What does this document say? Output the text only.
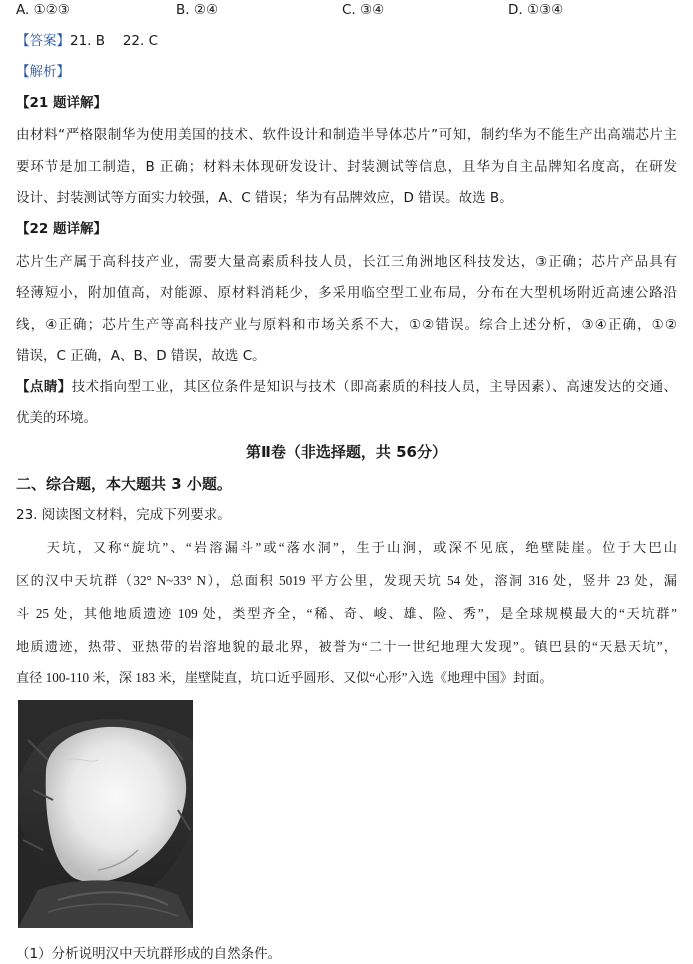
A. ①②③	B. ②④	C. ③④	D. ①③④
【答案】21. B　 22. C
【解析】
【21 题详解】
由材料“严格限制华为使用美国的技术、软件设计和制造半导体芯片”可知，制约华为不能生产出高端芯片主
要环节是加工制造，B 正确；材料未体现研发设计、封装测试等信息，且华为自主品牌知名度高，在研发
设计、封装测试等方面实力较强，A、C 错误；华为有品牌效应，D 错误。故选 B。
【22 题详解】
芯片生产属于高科技产业，需要大量高素质科技人员，长江三角洲地区科技发达，③正确；芯片产品具有
轻薄短小，附加值高，对能源、原材料消耗少，多采用临空型工业布局，分布在大型机场附近高速公路沿
线，④正确；芯片生产等高科技产业与原料和市场关系不大，①②错误。综合上述分析，③④正确，①②
错误，C 正确，A、B、D 错误，故选 C。
【点睛】技术指向型工业，其区位条件是知识与技术（即高素质的科技人员，主导因素）、高速发达的交通、
优美的环境。
第Ⅱ卷（非选择题，共 56分）
二、综合题，本大题共 3 小题。
23. 阅读图文材料，完成下列要求。
　　天坑，又称“旋坑”、“岩溶漏斗”或“落水洞”，生于山涧，或深不见底，绝壁陡崖。位于大巴山
区的汉中天坑群（32° N~33° N），总面积 5019 平方公里，发现天坑 54 处，溶洞 316 处，竖井 23 处，漏
斗 25 处，其他地质遗迹 109 处，类型齐全，“稀、奇、峻、雄、险、秀”，是全球规模最大的“天坑群”
地质遗迹，热带、亚热带的岩溶地貌的最北界，被誉为“二十一世纪地理大发现”。镇巴县的“天悬天坑”，
直径 100-110 米，深 183 米，崖壁陡直，坑口近乎圆形、又似“心形”入选《地理中国》封面。
（1）分析说明汉中天坑群形成的自然条件。
